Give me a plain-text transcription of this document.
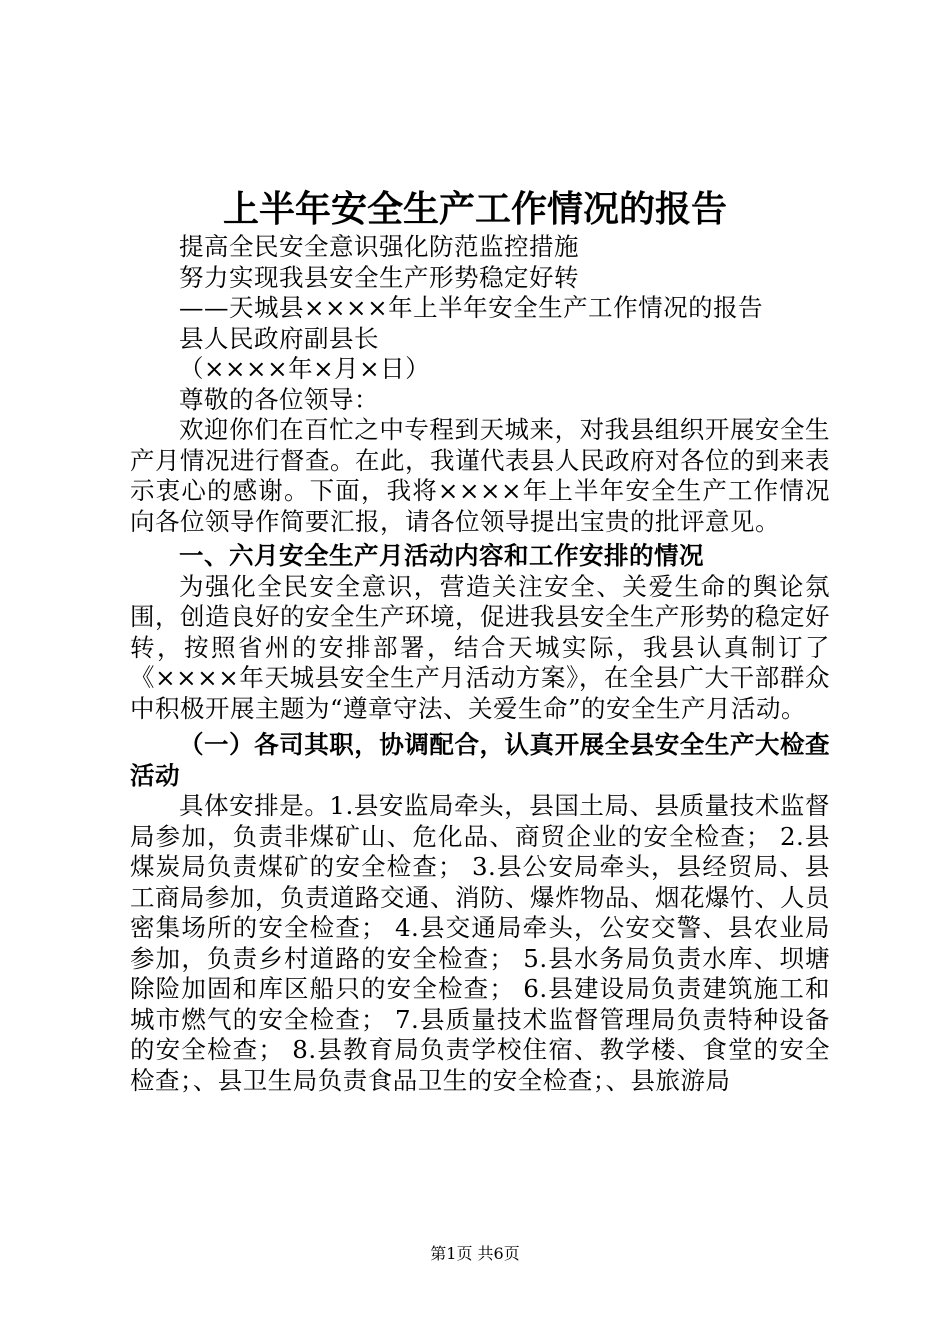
上半年安全生产工作情况的报告

提高全民安全意识强化防范监控措施

努力实现我县安全生产形势稳定好转

——天城县××××年上半年安全生产工作情况的报告

县人民政府副县长

（××××年×月×日）

尊敬的各位领导：

欢迎你们在百忙之中专程到天城来，对我县组织开展安全生产月情况进行督查。在此，我谨代表县人民政府对各位的到来表示衷心的感谢。下面，我将××××年上半年安全生产工作情况向各位领导作简要汇报，请各位领导提出宝贵的批评意见。

一、六月安全生产月活动内容和工作安排的情况

为强化全民安全意识，营造关注安全、关爱生命的舆论氛围，创造良好的安全生产环境，促进我县安全生产形势的稳定好转，按照省州的安排部署，结合天城实际，我县认真制订了《××××年天城县安全生产月活动方案》，在全县广大干部群众中积极开展主题为“遵章守法、关爱生命”的安全生产月活动。

（一）各司其职，协调配合，认真开展全县安全生产大检查活动

具体安排是。1.县安监局牵头，县国土局、县质量技术监督局参加，负责非煤矿山、危化品、商贸企业的安全检查； 2.县煤炭局负责煤矿的安全检查； 3.县公安局牵头，县经贸局、县工商局参加，负责道路交通、消防、爆炸物品、烟花爆竹、人员密集场所的安全检查； 4.县交通局牵头，公安交警、县农业局参加，负责乡村道路的安全检查； 5.县水务局负责水库、坝塘除险加固和库区船只的安全检查； 6.县建设局负责建筑施工和城市燃气的安全检查； 7.县质量技术监督管理局负责特种设备的安全检查； 8.县教育局负责学校住宿、教学楼、食堂的安全检查；、县卫生局负责食品卫生的安全检查；、县旅游局

第1页 共6页
